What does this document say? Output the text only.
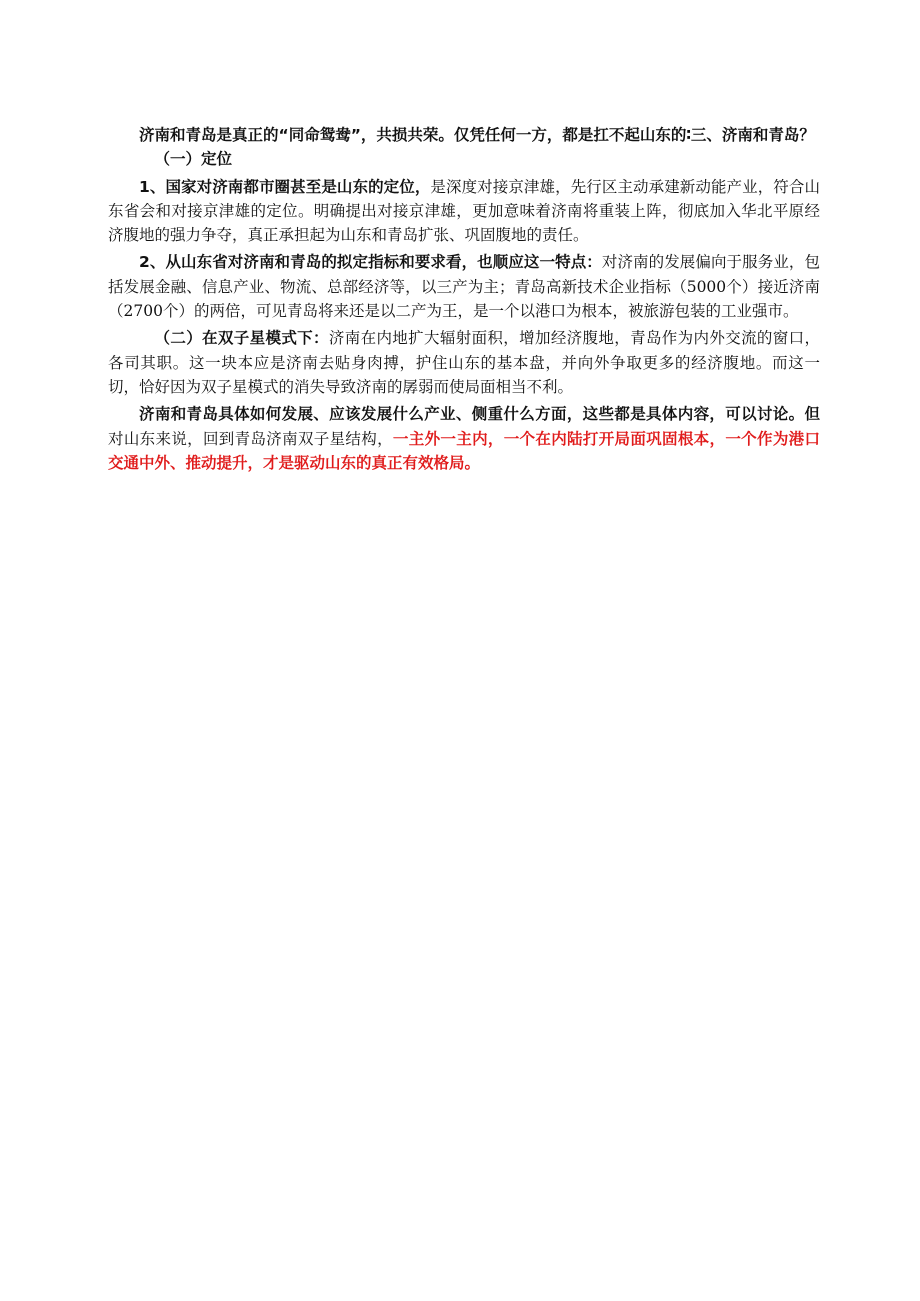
济南和青岛是真正的“同命鸳鸯”，共损共荣。仅凭任何一方，都是扛不起山东的∶三、济南和青岛？

（一）定位

1、国家对济南都市圈甚至是山东的定位，是深度对接京津雄，先行区主动承建新动能产业，符合山东省会和对接京津雄的定位。明确提出对接京津雄，更加意味着济南将重装上阵，彻底加入华北平原经济腹地的强力争夺，真正承担起为山东和青岛扩张、巩固腹地的责任。

2、从山东省对济南和青岛的拟定指标和要求看，也顺应这一特点：对济南的发展偏向于服务业，包括发展金融、信息产业、物流、总部经济等，以三产为主；青岛高新技术企业指标（5000个）接近济南（2700个）的两倍，可见青岛将来还是以二产为王，是一个以港口为根本，被旅游包装的工业强市。

（二）在双子星模式下：济南在内地扩大辐射面积，增加经济腹地，青岛作为内外交流的窗口，各司其职。这一块本应是济南去贴身肉搏，护住山东的基本盘，并向外争取更多的经济腹地。而这一切，恰好因为双子星模式的消失导致济南的孱弱而使局面相当不利。

济南和青岛具体如何发展、应该发展什么产业、侧重什么方面，这些都是具体内容，可以讨论。但对山东来说，回到青岛济南双子星结构，一主外一主内，一个在内陆打开局面巩固根本，一个作为港口交通中外、推动提升，才是驱动山东的真正有效格局。
